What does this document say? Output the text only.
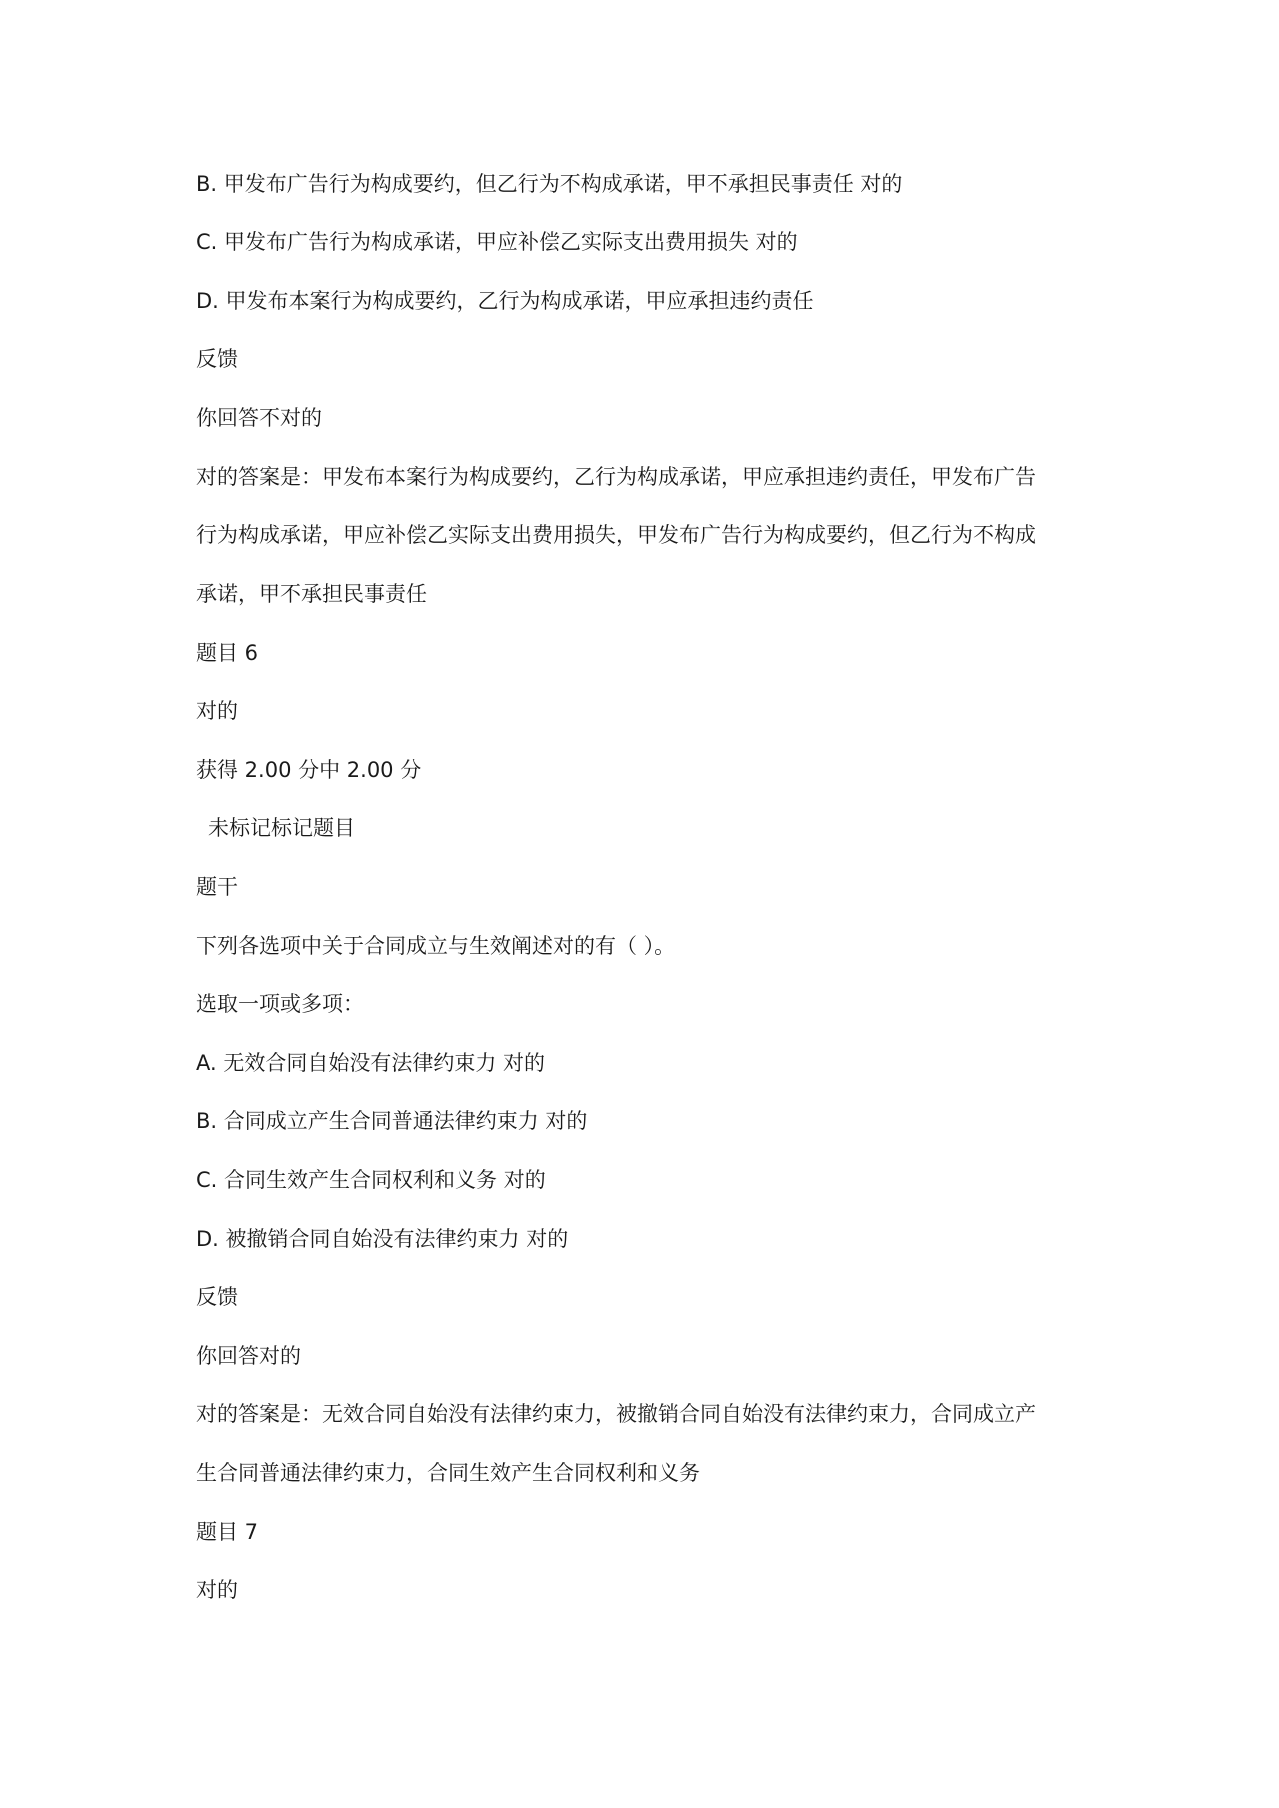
B. 甲发布广告行为构成要约，但乙行为不构成承诺，甲不承担民事责任 对的
C. 甲发布广告行为构成承诺，甲应补偿乙实际支出费用损失 对的
D. 甲发布本案行为构成要约，乙行为构成承诺，甲应承担违约责任
反馈
你回答不对的
对的答案是：甲发布本案行为构成要约，乙行为构成承诺，甲应承担违约责任，甲发布广告
行为构成承诺，甲应补偿乙实际支出费用损失，甲发布广告行为构成要约，但乙行为不构成
承诺，甲不承担民事责任
题目 6
对的
获得 2.00 分中 2.00 分
未标记标记题目
题干
下列各选项中关于合同成立与生效阐述对的有（ ）。
选取一项或多项：
A. 无效合同自始没有法律约束力 对的
B. 合同成立产生合同普通法律约束力 对的
C. 合同生效产生合同权利和义务 对的
D. 被撤销合同自始没有法律约束力 对的
反馈
你回答对的
对的答案是：无效合同自始没有法律约束力，被撤销合同自始没有法律约束力，合同成立产
生合同普通法律约束力，合同生效产生合同权利和义务
题目 7
对的
